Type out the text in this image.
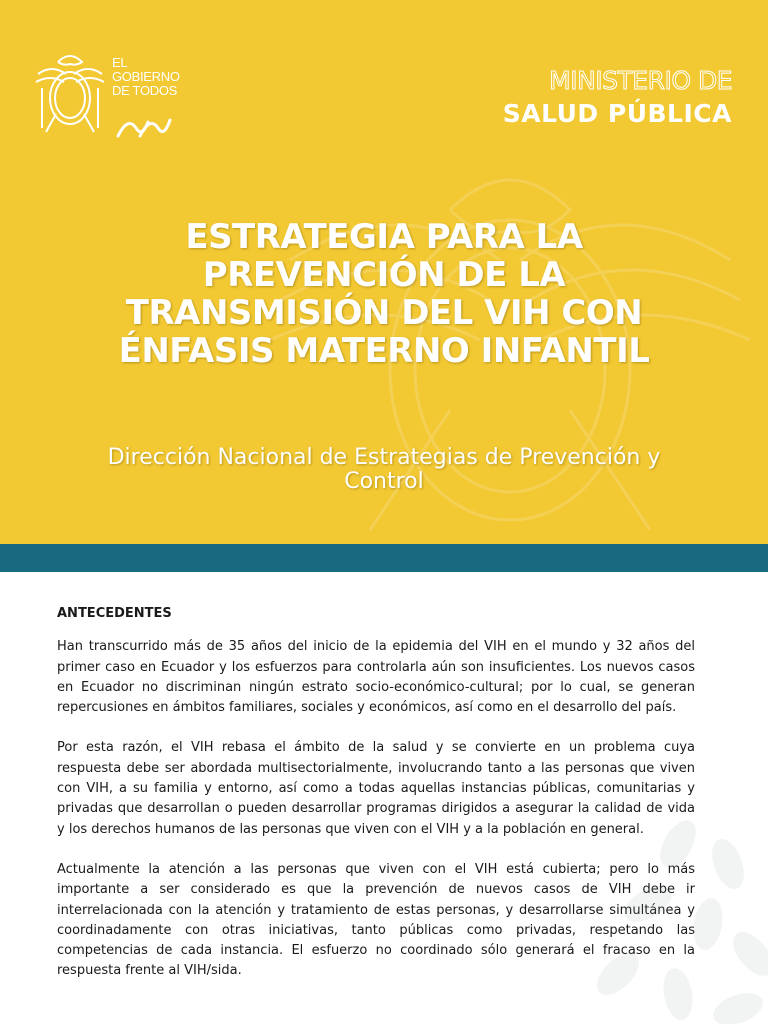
EL
GOBIERNO
DE TODOS	MINISTERIO DE
SALUD PÚBLICA
ESTRATEGIA PARA LA
PREVENCIÓN DE LA
TRANSMISIÓN DEL VIH CON
ÉNFASIS MATERNO INFANTIL
Dirección Nacional de Estrategias de Prevención y
Control
ANTECEDENTES
Han transcurrido más de 35 años del inicio de la epidemia del VIH en el mundo y 32 años del
primer caso en Ecuador y los esfuerzos para controlarla aún son insuficientes. Los nuevos casos
en Ecuador no discriminan ningún estrato socio-económico-cultural; por lo cual, se generan
repercusiones en ámbitos familiares, sociales y económicos, así como en el desarrollo del país.
Por esta razón, el VIH rebasa el ámbito de la salud y se convierte en un problema cuya
respuesta debe ser abordada multisectorialmente, involucrando tanto a las personas que viven
con VIH, a su familia y entorno, así como a todas aquellas instancias públicas, comunitarias y
privadas que desarrollan o pueden desarrollar programas dirigidos a asegurar la calidad de vida
y los derechos humanos de las personas que viven con el VIH y a la población en general.
Actualmente la atención a las personas que viven con el VIH está cubierta; pero lo más
importante a ser considerado es que la prevención de nuevos casos de VIH debe ir
interrelacionada con la atención y tratamiento de estas personas, y desarrollarse simultánea y
coordinadamente con otras iniciativas, tanto públicas como privadas, respetando las
competencias de cada instancia. El esfuerzo no coordinado sólo generará el fracaso en la
respuesta frente al VIH/sida.
